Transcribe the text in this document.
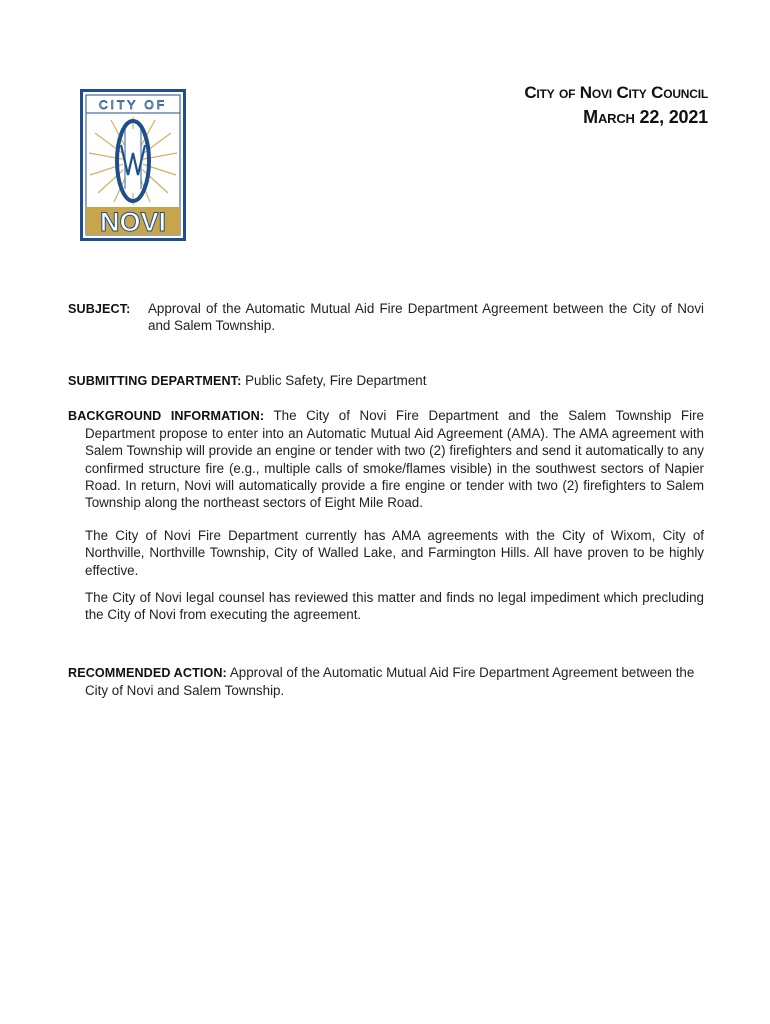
CITY OF
NOVI
City of Novi City Council
March 22, 2021
SUBJECT:	Approval of the Automatic Mutual Aid Fire Department Agreement between the City of Novi and Salem Township.
SUBMITTING DEPARTMENT: Public Safety, Fire Department
BACKGROUND INFORMATION: The City of Novi Fire Department and the Salem Township Fire Department propose to enter into an Automatic Mutual Aid Agreement (AMA). The AMA agreement with Salem Township will provide an engine or tender with two (2) firefighters and send it automatically to any confirmed structure fire (e.g., multiple calls of smoke/flames visible) in the southwest sectors of Napier Road. In return, Novi will automatically provide a fire engine or tender with two (2) firefighters to Salem Township along the northeast sectors of Eight Mile Road.
The City of Novi Fire Department currently has AMA agreements with the City of Wixom, City of Northville, Northville Township, City of Walled Lake, and Farmington Hills. All have proven to be highly effective.
The City of Novi legal counsel has reviewed this matter and finds no legal impediment which precluding the City of Novi from executing the agreement.
RECOMMENDED ACTION: Approval of the Automatic Mutual Aid Fire Department Agreement between the City of Novi and Salem Township.
